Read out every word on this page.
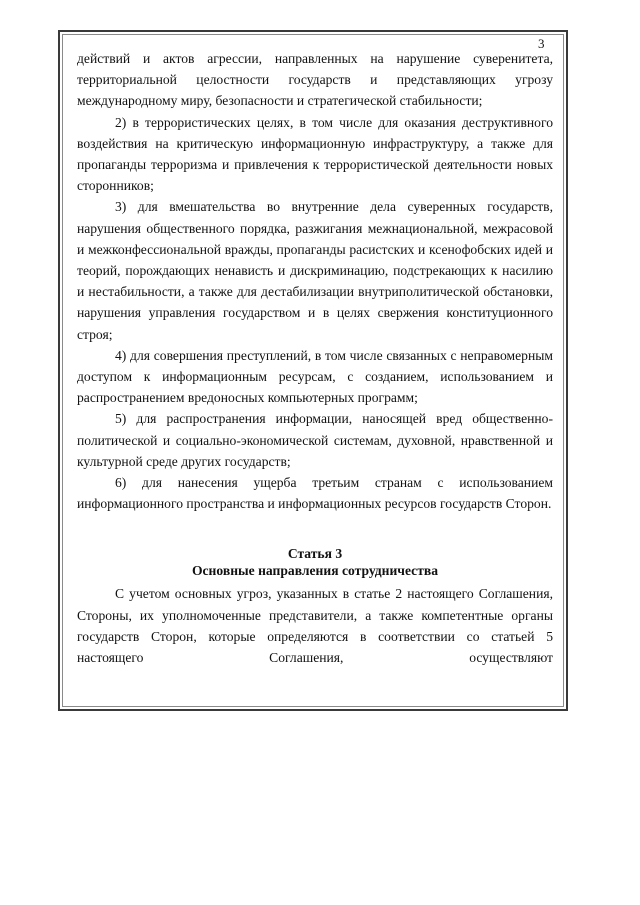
3

действий и актов агрессии, направленных на нарушение суверенитета, территориальной целостности государств и представляющих угрозу международному миру, безопасности и стратегической стабильности;

2) в террористических целях, в том числе для оказания деструктивного воздействия на критическую информационную инфраструктуру, а также для пропаганды терроризма и привлечения к террористической деятельности новых сторонников;

3) для вмешательства во внутренние дела суверенных государств, нарушения общественного порядка, разжигания межнациональной, межрасовой и межконфессиональной вражды, пропаганды расистских и ксенофобских идей и теорий, порождающих ненависть и дискриминацию, подстрекающих к насилию и нестабильности, а также для дестабилизации внутриполитической обстановки, нарушения управления государством и в целях свержения конституционного строя;

4) для совершения преступлений, в том числе связанных с неправомерным доступом к информационным ресурсам, с созданием, использованием и распространением вредоносных компьютерных программ;

5) для распространения информации, наносящей вред общественно-политической и социально-экономической системам, духовной, нравственной и культурной среде других государств;

6) для нанесения ущерба третьим странам с использованием информационного пространства и информационных ресурсов государств Сторон.

Статья 3
Основные направления сотрудничества

С учетом основных угроз, указанных в статье 2 настоящего Соглашения, Стороны, их уполномоченные представители, а также компетентные органы государств Сторон, которые определяются в соответствии со статьей 5 настоящего Соглашения, осуществляют
